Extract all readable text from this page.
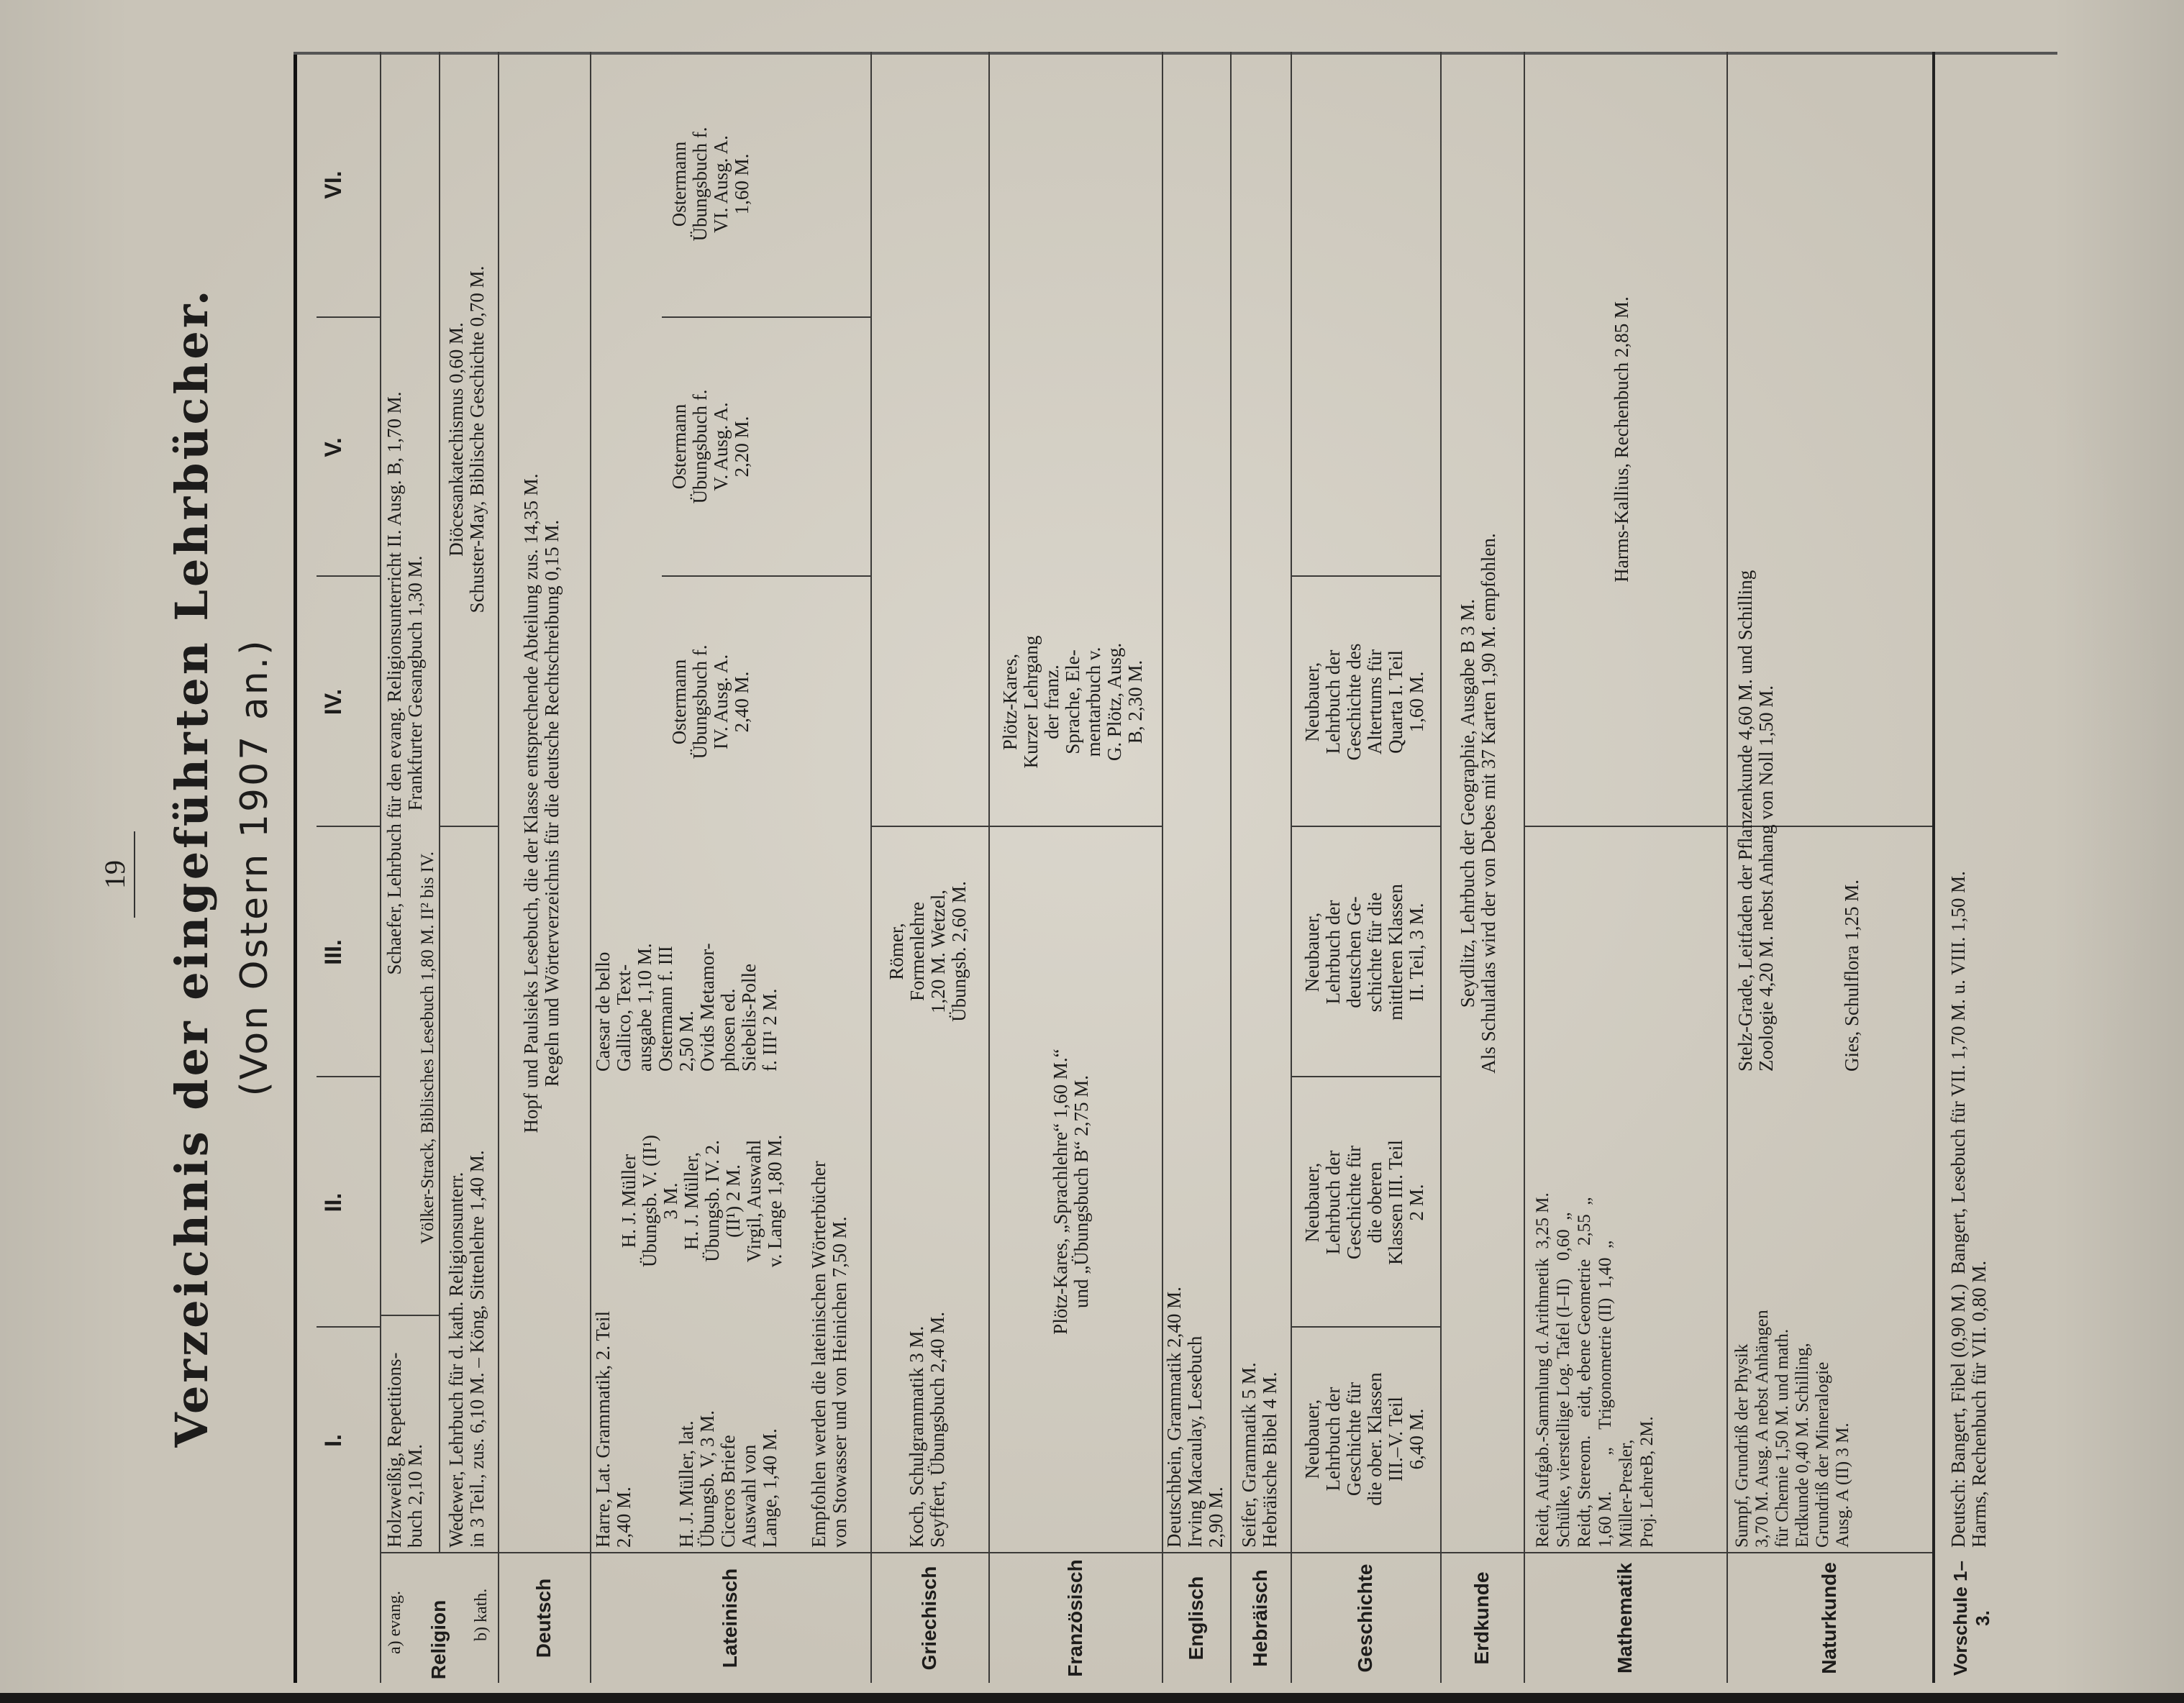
19 Verzeichnis der eingeführten Lehrbücher. (Von Ostern 1907 an.)
I.
II.
III.
IV.
V.
VI.
Religion
a) evang.	b) kath.
Holzweißig, Repetitions-
buch 2,10 M.
Schaefer, Lehrbuch für den evang. Religionsunterricht II. Ausg. B, 1,70 M.
Frankfurter Gesangbuch 1,30 M.
Völker-Strack, Biblisches Lesebuch 1,80 M. II² bis IV.
Wedewer, Lehrbuch für d. kath. Religionsunterr.
in 3 Teil., zus. 6,10 M. – Köng, Sittenlehre 1,40 M.
Diöcesankatechismus 0,60 M.
Schuster-May, Biblische Geschichte 0,70 M.
Deutsch
Hopf und Paulsieks Lesebuch, die der Klasse entsprechende Abteilung zus. 14,35 M.
Regeln und Wörterverzeichnis für die deutsche Rechtschreibung 0,15 M.
Lateinisch
Harre, Lat. Grammatik, 2. Teil
2,40 M.
H. J. Müller, lat.
Übungsb. V, 3 M.
Ciceros Briefe
Auswahl von
Lange, 1,40 M.
H. J. Müller
Übungsb. V. (II¹)
3 M.
H. J. Müller,
Übungsb. IV. 2.
(II¹) 2 M.
Virgil, Auswahl
v. Lange 1,80 M.
Caesar de bello
Gallico, Text-
ausgabe 1,10 M.
Ostermann f. III
2,50 M.
Ovids Metamor-
phosen ed.
Siebelis-Polle
f. III¹ 2 M.
Empfohlen werden die lateinischen Wörterbücher
von Stowasser und von Heinichen 7,50 M.
Ostermann
Übungsbuch f.
IV. Ausg. A.
2,40 M.
Ostermann
Übungsbuch f.
V. Ausg. A.
2,20 M.
Ostermann
Übungsbuch f.
VI. Ausg. A.
1,60 M.
Griechisch
Koch, Schulgrammatik 3 M.
Seyffert, Übungsbuch 2,40 M.
Römer,
Formenlehre
1,20 M. Wetzel,
Übungsb. 2,60 M.
Französisch
Plötz-Kares, „Sprachlehre“ 1,60 M.“
und „Übungsbuch B“ 2,75 M.
Plötz-Kares,
Kurzer Lehrgang
der franz.
Sprache, Ele-
mentarbuch v.
G. Plötz, Ausg.
B, 2,30 M.
Englisch
Deutschbein, Grammatik 2,40 M.
Irving Macaulay, Lesebuch
2,90 M.
Hebräisch
Seifer, Grammatik 5 M.
Hebräische Bibel 4 M.
Geschichte
Neubauer,
Lehrbuch der
Geschichte für
die ober. Klassen
III.–V. Teil
6,40 M.
Neubauer,
Lehrbuch der
Geschichte für
die oberen
Klassen III. Teil
2 M.
Neubauer,
Lehrbuch der
deutschen Ge-
schichte für die
mittleren Klassen
II. Teil, 3 M.
Neubauer,
Lehrbuch der
Geschichte des
Altertums für
Quarta I. Teil
1,60 M.
Erdkunde
Seydlitz, Lehrbuch der Geographie, Ausgabe B 3 M.
Als Schulatlas wird der von Debes mit 37 Karten 1,90 M. empfohlen.
Mathematik
Reidt, Aufgab.-Sammlung d. Arithmetik  3,25 M.
Schülke, vierstellige Log. Tafel (I–II)    0,60  „
Reidt, Stereom.    eidt, ebene Geometrie   2,55  „
1,60 M.        „    Trigonometrie (II)  1,40  „
Müller-Presler,
Proj. LehreB, 2M.
Harms-Kallius, Rechenbuch 2,85 M.
Naturkunde
Sumpf, Grundriß der Physik
3,70 M. Ausg. A nebst Anhängen
für Chemie 1,50 M. und math.
Erdkunde 0,40 M. Schilling,
Grundriß der Mineralogie
Ausg. A (II) 3 M.
Stelz-Grade, Leitfaden der Pflanzenkunde 4,60 M. und Schilling
Zoologie 4,20 M. nebst Anhang von Noll 1,50 M.
Gies, Schulflora 1,25 M.
Vorschule 1–3.
Deutsch: Bangert, Fibel (0,90 M.)  Bangert, Lesebuch für VII. 1,70 M. u. VIII. 1,50 M.
Harms, Rechenbuch für VII. 0,80 M.
